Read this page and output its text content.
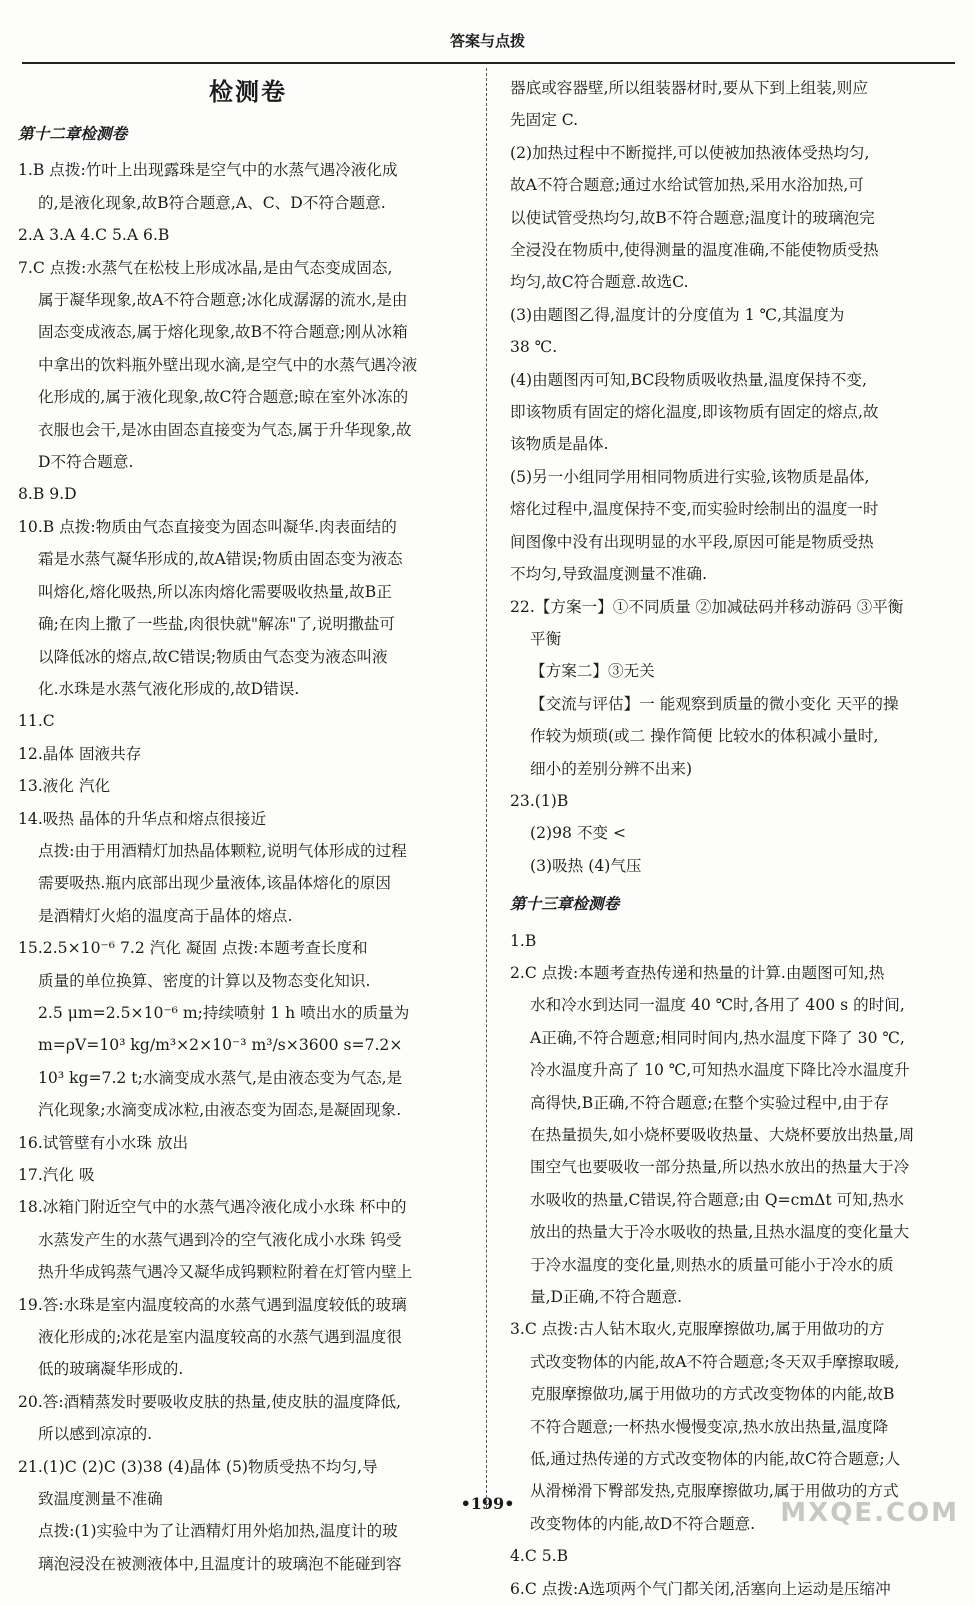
答案与点拨

检测卷

第十二章检测卷

1.B 点拨:竹叶上出现露珠是空气中的水蒸气遇冷液化成

的,是液化现象,故B符合题意,A、C、D不符合题意.

2.A 3.A 4.C 5.A 6.B

7.C 点拨:水蒸气在松枝上形成冰晶,是由气态变成固态,

属于凝华现象,故A不符合题意;冰化成潺潺的流水,是由

固态变成液态,属于熔化现象,故B不符合题意;刚从冰箱

中拿出的饮料瓶外壁出现水滴,是空气中的水蒸气遇冷液

化形成的,属于液化现象,故C符合题意;晾在室外冰冻的

衣服也会干,是冰由固态直接变为气态,属于升华现象,故

D不符合题意.

8.B 9.D

10.B 点拨:物质由气态直接变为固态叫凝华.肉表面结的

霜是水蒸气凝华形成的,故A错误;物质由固态变为液态

叫熔化,熔化吸热,所以冻肉熔化需要吸收热量,故B正

确;在肉上撒了一些盐,肉很快就"解冻"了,说明撒盐可

以降低冰的熔点,故C错误;物质由气态变为液态叫液

化.水珠是水蒸气液化形成的,故D错误.

11.C

12.晶体 固液共存

13.液化 汽化

14.吸热 晶体的升华点和熔点很接近

点拨:由于用酒精灯加热晶体颗粒,说明气体形成的过程

需要吸热.瓶内底部出现少量液体,该晶体熔化的原因

是酒精灯火焰的温度高于晶体的熔点.

15.2.5×10⁻⁶ 7.2 汽化 凝固 点拨:本题考查长度和

质量的单位换算、密度的计算以及物态变化知识.

2.5 μm=2.5×10⁻⁶ m;持续喷射 1 h 喷出水的质量为

m=ρV=10³ kg/m³×2×10⁻³ m³/s×3600 s=7.2×

10³ kg=7.2 t;水滴变成水蒸气,是由液态变为气态,是

汽化现象;水滴变成冰粒,由液态变为固态,是凝固现象.

16.试管壁有小水珠 放出

17.汽化 吸

18.冰箱门附近空气中的水蒸气遇冷液化成小水珠 杯中的

水蒸发产生的水蒸气遇到冷的空气液化成小水珠 钨受

热升华成钨蒸气遇冷又凝华成钨颗粒附着在灯管内壁上

19.答:水珠是室内温度较高的水蒸气遇到温度较低的玻璃

液化形成的;冰花是室内温度较高的水蒸气遇到温度很

低的玻璃凝华形成的.

20.答:酒精蒸发时要吸收皮肤的热量,使皮肤的温度降低,

所以感到凉凉的.

21.(1)C (2)C (3)38 (4)晶体 (5)物质受热不均匀,导

致温度测量不准确

点拨:(1)实验中为了让酒精灯用外焰加热,温度计的玻

璃泡浸没在被测液体中,且温度计的玻璃泡不能碰到容

器底或容器壁,所以组装器材时,要从下到上组装,则应

先固定 C.

(2)加热过程中不断搅拌,可以使被加热液体受热均匀,

故A不符合题意;通过水给试管加热,采用水浴加热,可

以使试管受热均匀,故B不符合题意;温度计的玻璃泡完

全浸没在物质中,使得测量的温度准确,不能使物质受热

均匀,故C符合题意.故选C.

(3)由题图乙得,温度计的分度值为 1 ℃,其温度为

38 ℃.

(4)由题图丙可知,BC段物质吸收热量,温度保持不变,

即该物质有固定的熔化温度,即该物质有固定的熔点,故

该物质是晶体.

(5)另一小组同学用相同物质进行实验,该物质是晶体,

熔化过程中,温度保持不变,而实验时绘制出的温度一时

间图像中没有出现明显的水平段,原因可能是物质受热

不均匀,导致温度测量不准确.

22.【方案一】①不同质量 ②加减砝码并移动游码 ③平衡

平衡

【方案二】③无关

【交流与评估】一 能观察到质量的微小变化 天平的操

作较为烦琐(或二 操作简便 比较水的体积减小量时,

细小的差别分辨不出来)

23.(1)B

(2)98 不变 <

(3)吸热 (4)气压

第十三章检测卷

1.B

2.C 点拨:本题考查热传递和热量的计算.由题图可知,热

水和冷水到达同一温度 40 ℃时,各用了 400 s 的时间,

A正确,不符合题意;相同时间内,热水温度下降了 30 ℃,

冷水温度升高了 10 ℃,可知热水温度下降比冷水温度升

高得快,B正确,不符合题意;在整个实验过程中,由于存

在热量损失,如小烧杯要吸收热量、大烧杯要放出热量,周

围空气也要吸收一部分热量,所以热水放出的热量大于冷

水吸收的热量,C错误,符合题意;由 Q=cmΔt 可知,热水

放出的热量大于冷水吸收的热量,且热水温度的变化量大

于冷水温度的变化量,则热水的质量可能小于冷水的质

量,D正确,不符合题意.

3.C 点拨:古人钻木取火,克服摩擦做功,属于用做功的方

式改变物体的内能,故A不符合题意;冬天双手摩擦取暖,

克服摩擦做功,属于用做功的方式改变物体的内能,故B

不符合题意;一杯热水慢慢变凉,热水放出热量,温度降

低,通过热传递的方式改变物体的内能,故C符合题意;人

从滑梯滑下臀部发热,克服摩擦做功,属于用做功的方式

改变物体的内能,故D不符合题意.

4.C 5.B

6.C 点拨:A选项两个气门都关闭,活塞向上运动是压缩冲

•199•	MXQE.COM
